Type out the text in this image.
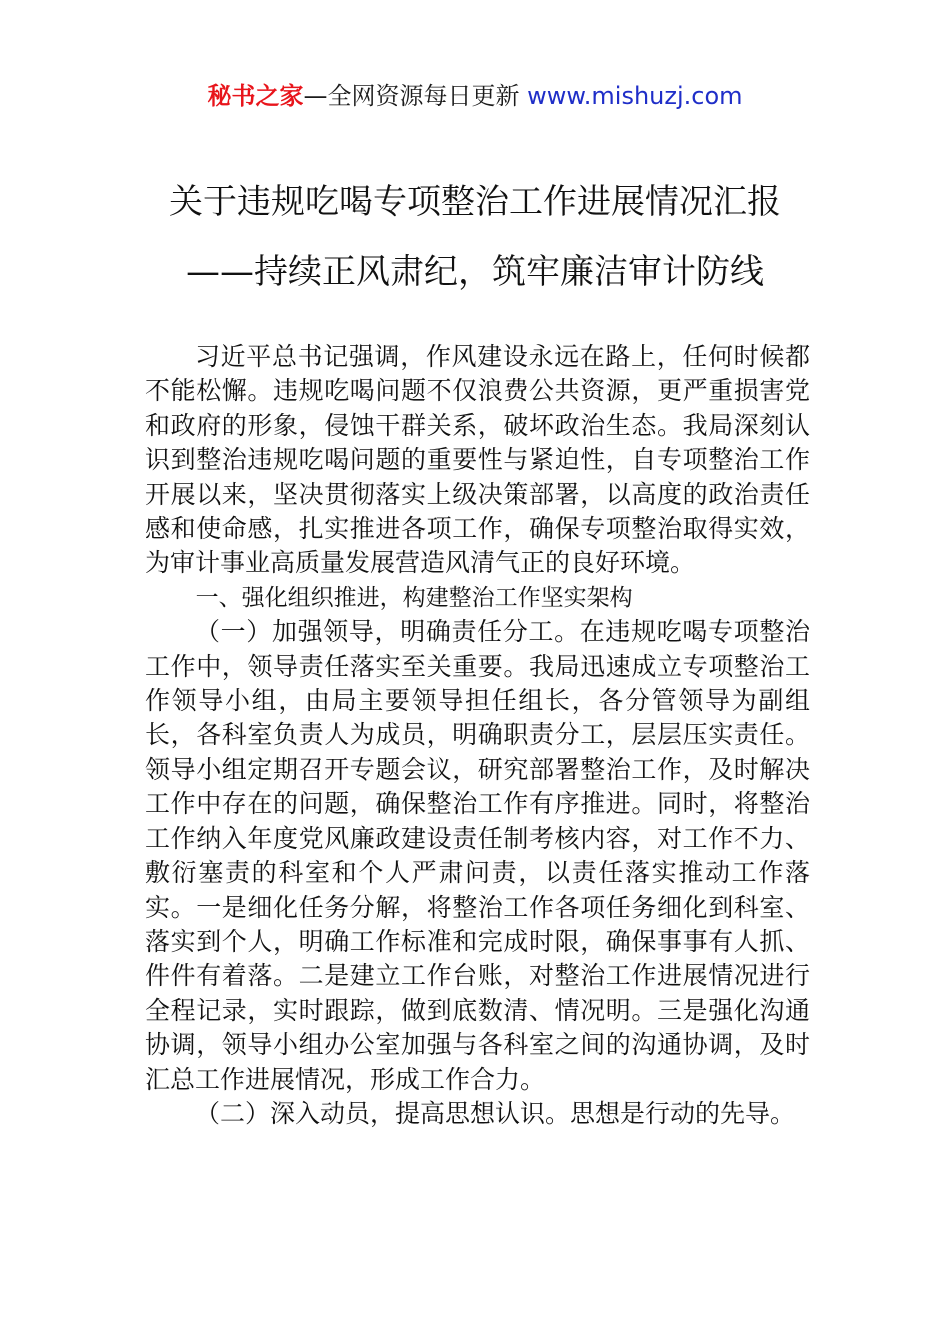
秘书之家—全网资源每日更新 www.mishuzj.com
关于违规吃喝专项整治工作进展情况汇报
——持续正风肃纪，筑牢廉洁审计防线

习近平总书记强调，作风建设永远在路上，任何时候都不能松懈。违规吃喝问题不仅浪费公共资源，更严重损害党和政府的形象，侵蚀干群关系，破坏政治生态。我局深刻认识到整治违规吃喝问题的重要性与紧迫性，自专项整治工作开展以来，坚决贯彻落实上级决策部署，以高度的政治责任感和使命感，扎实推进各项工作，确保专项整治取得实效，为审计事业高质量发展营造风清气正的良好环境。

一、强化组织推进，构建整治工作坚实架构

（一）加强领导，明确责任分工。在违规吃喝专项整治工作中，领导责任落实至关重要。我局迅速成立专项整治工作领导小组，由局主要领导担任组长，各分管领导为副组长，各科室负责人为成员，明确职责分工，层层压实责任。领导小组定期召开专题会议，研究部署整治工作，及时解决工作中存在的问题，确保整治工作有序推进。同时，将整治工作纳入年度党风廉政建设责任制考核内容，对工作不力、敷衍塞责的科室和个人严肃问责，以责任落实推动工作落实。一是细化任务分解，将整治工作各项任务细化到科室、落实到个人，明确工作标准和完成时限，确保事事有人抓、件件有着落。二是建立工作台账，对整治工作进展情况进行全程记录，实时跟踪，做到底数清、情况明。三是强化沟通协调，领导小组办公室加强与各科室之间的沟通协调，及时汇总工作进展情况，形成工作合力。

（二）深入动员，提高思想认识。思想是行动的先导。
